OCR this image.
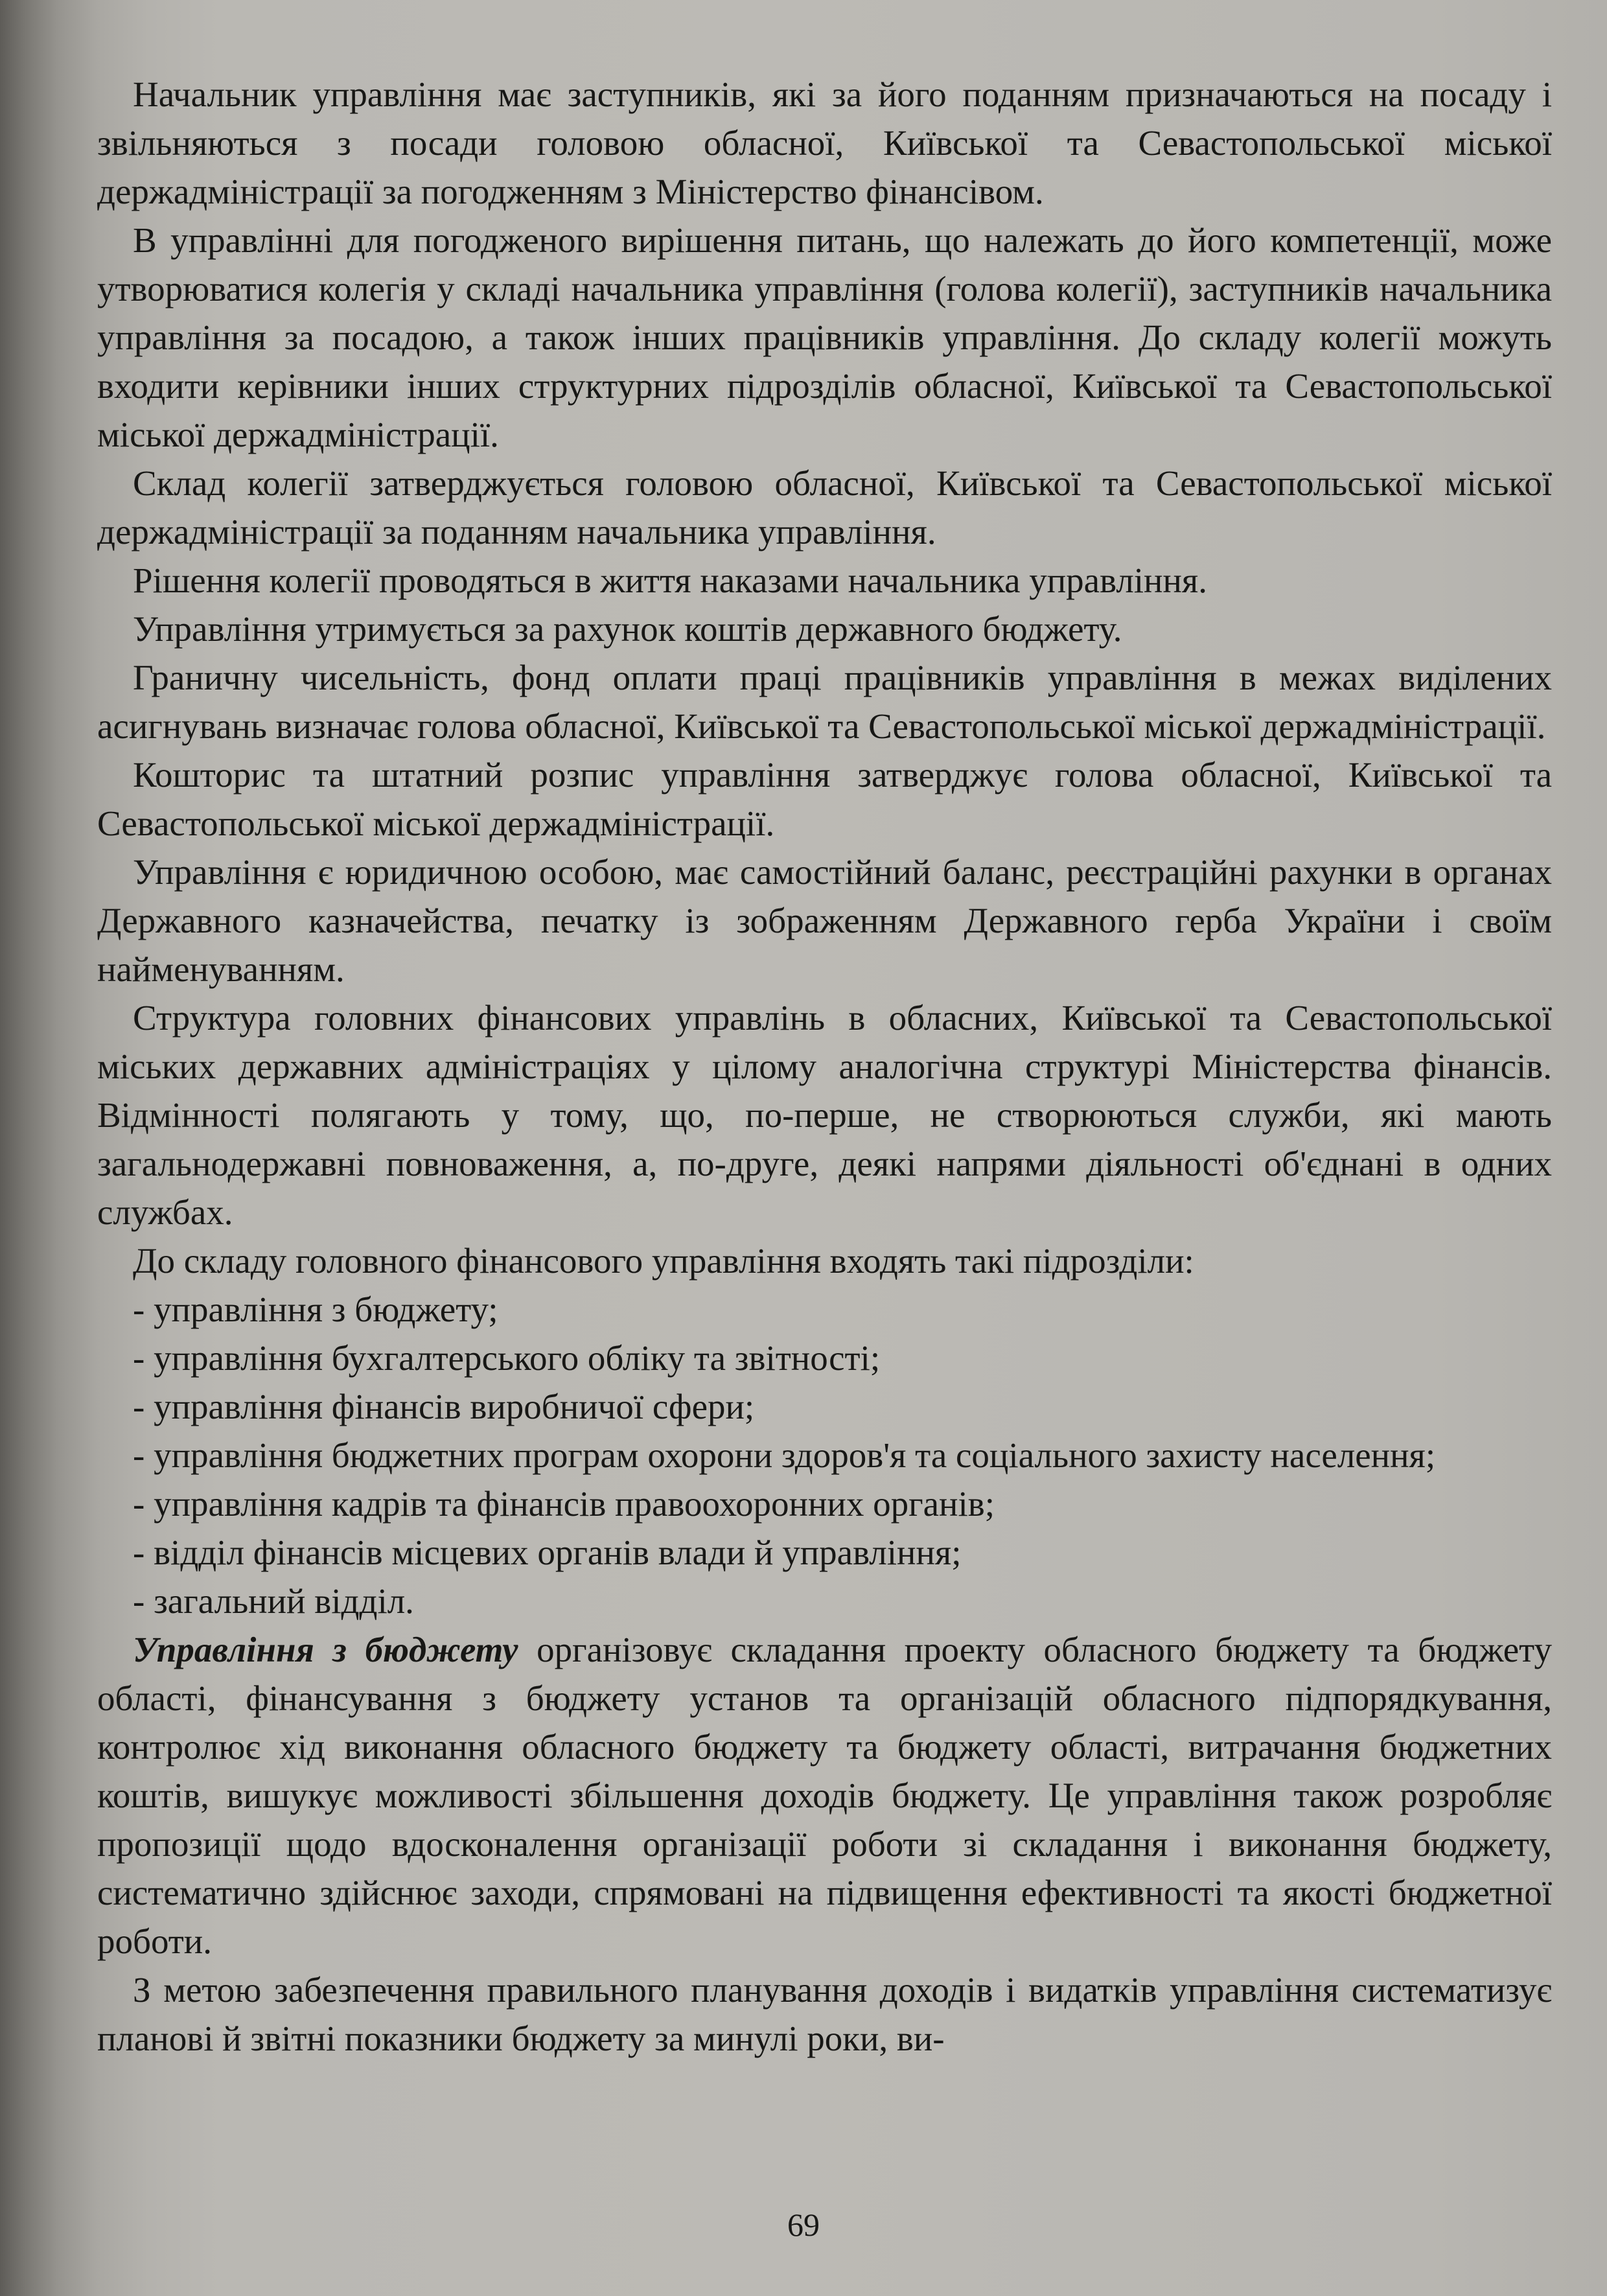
Начальник управління має заступників, які за його поданням призначаються на посаду і звільняються з посади головою обласної, Київської та Севастопольської міської держадміністрації за погодженням з Міністерство фінансівом.

В управлінні для погодженого вирішення питань, що належать до його компетенції, може утворюватися колегія у складі начальника управління (голова колегії), заступників начальника управління за посадою, а також інших працівників управління. До складу колегії можуть входити керівники інших структурних підрозділів обласної, Київської та Севастопольської міської держадміністрації.

Склад колегії затверджується головою обласної, Київської та Севастопольської міської держадміністрації за поданням начальника управління.

Рішення колегії проводяться в життя наказами начальника управління.

Управління утримується за рахунок коштів державного бюджету.

Граничну чисельність, фонд оплати праці працівників управління в межах виділених асигнувань визначає голова обласної, Київської та Севастопольської міської держадміністрації.

Кошторис та штатний розпис управління затверджує голова обласної, Київської та Севастопольської міської держадміністрації.

Управління є юридичною особою, має самостійний баланс, реєстраційні рахунки в органах Державного казначейства, печатку із зображенням Державного герба України і своїм найменуванням.

Структура головних фінансових управлінь в обласних, Київської та Севастопольської міських державних адміністраціях у цілому аналогічна структурі Міністерства фінансів. Відмінності полягають у тому, що, по-перше, не створюються служби, які мають загальнодержавні повноваження, а, по-друге, деякі напрями діяльності об'єднані в одних службах.

До складу головного фінансового управління входять такі підрозділи:

- управління з бюджету;

- управління бухгалтерського обліку та звітності;

- управління фінансів виробничої сфери;

- управління бюджетних програм охорони здоров'я та соціального захисту населення;

- управління кадрів та фінансів правоохоронних органів;

- відділ фінансів місцевих органів влади й управління;

- загальний відділ.

Управління з бюджету організовує складання проекту обласного бюджету та бюджету області, фінансування з бюджету установ та організацій обласного підпорядкування, контролює хід виконання обласного бюджету та бюджету області, витрачання бюджетних коштів, вишукує можливості збільшення доходів бюджету. Це управління також розробляє пропозиції щодо вдосконалення організації роботи зі складання і виконання бюджету, систематично здійснює заходи, спрямовані на підвищення ефективності та якості бюджетної роботи.

З метою забезпечення правильного планування доходів і видатків управління систематизує планові й звітні показники бюджету за минулі роки, ви-

69
